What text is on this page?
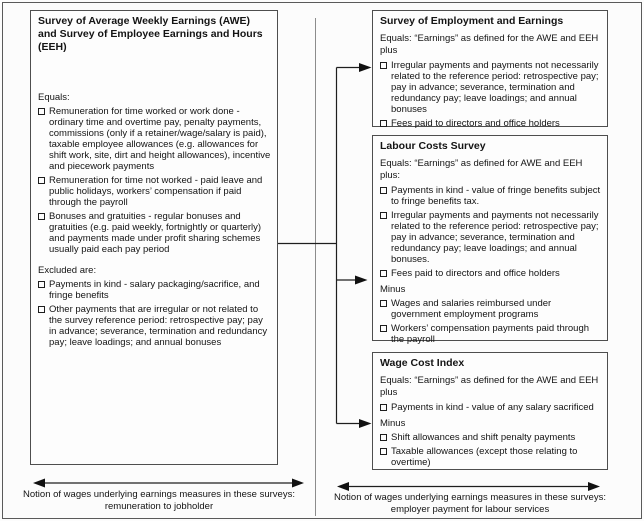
Survey of Average Weekly Earnings (AWE) and Survey of Employee Earnings and Hours (EEH)
Equals:
Remuneration for time worked or work done - ordinary time and overtime pay, penalty payments, commissions (only if a retainer/wage/salary is paid), taxable employee allowances (e.g. allowances for shift work, site, dirt and height allowances), incentive and piecework payments
Remuneration for time not worked - paid leave and public holidays, workers’ compensation if paid through the payroll
Bonuses and gratuities - regular bonuses and gratuities (e.g. paid weekly, fortnightly or quarterly) and payments made under profit sharing schemes usually paid each pay period
Excluded are:
Payments in kind - salary packaging/sacrifice, and fringe benefits
Other payments that are irregular or not related to the survey reference period: retrospective pay; pay in advance; severance, termination and redundancy pay; leave loadings; and annual bonuses
Survey of Employment and Earnings
Equals: “Earnings” as defined for the AWE and EEH plus
Irregular payments and payments not necessarily related to the reference period: retrospective pay; pay in advance; severance, termination and redundancy pay; leave loadings; and annual bonuses
Fees paid to directors and office holders
Labour Costs Survey
Equals: “Earnings” as defined for AWE and EEH plus:
Payments in kind - value of fringe benefits subject to fringe benefits tax.
Irregular payments and payments not necessarily related to the reference period: retrospective pay; pay in advance; severance, termination and redundancy pay; leave loadings; and annual bonuses.
Fees paid to directors and office holders
Minus
Wages and salaries reimbursed under government employment programs
Workers’ compensation payments paid through the payroll
Wage Cost Index
Equals: “Earnings” as defined for the AWE and EEH plus
Payments in kind - value of any salary sacrificed
Minus
Shift allowances and shift penalty payments
Taxable allowances (except those relating to overtime)
Notion of wages underlying earnings measures in these surveys:
remuneration to jobholder
Notion of wages underlying earnings measures in these surveys:
employer payment for labour services
